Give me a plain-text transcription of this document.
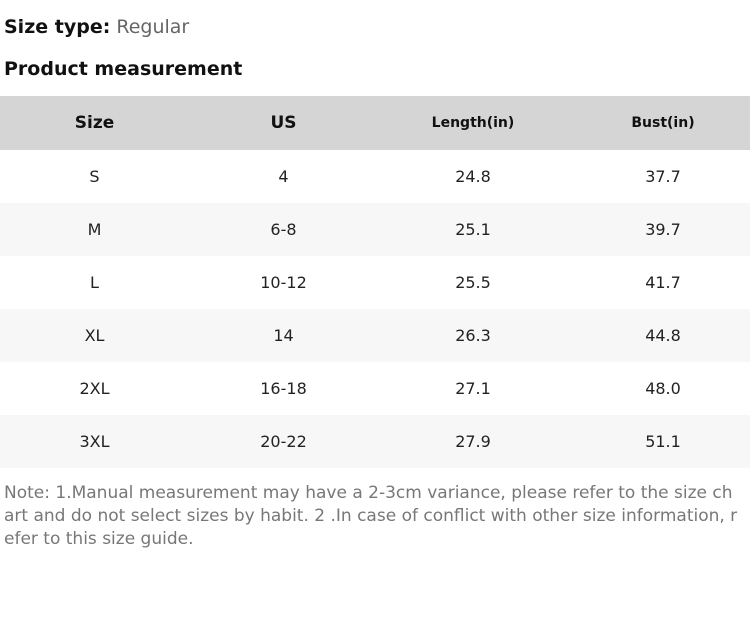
Size type: Regular
Product measurement
Size	US	Length(in)	Bust(in)
S	4	24.8	37.7
M	6-8	25.1	39.7
L	10-12	25.5	41.7
XL	14	26.3	44.8
2XL	16-18	27.1	48.0
3XL	20-22	27.9	51.1
Note: 1.Manual measurement may have a 2-3cm variance, please refer to the size chart and do not select sizes by habit. 2 .In case of conflict with other size information, refer to this size guide.
